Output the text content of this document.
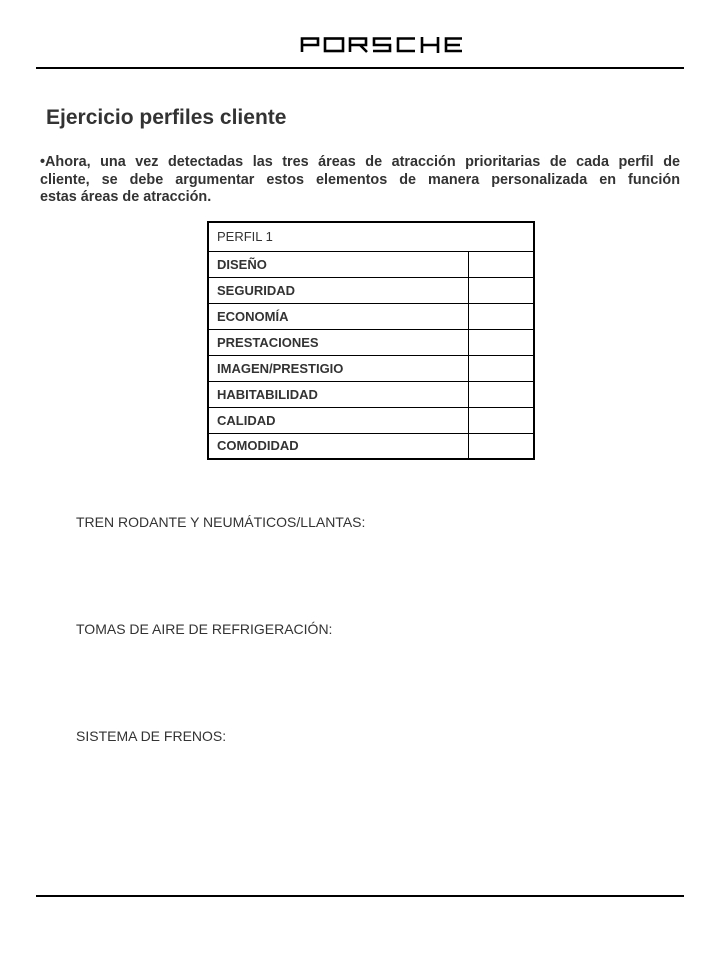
Ejercicio perfiles cliente
•Ahora, una vez detectadas las tres áreas de atracción prioritarias de cada perfil de
cliente, se debe argumentar estos elementos de manera personalizada en función
estas áreas de atracción.
PERFIL 1	
DISEÑO	
SEGURIDAD	
ECONOMÍA	
PRESTACIONES	
IMAGEN/PRESTIGIO	
HABITABILIDAD	
CALIDAD	
COMODIDAD	
TREN RODANTE Y NEUMÁTICOS/LLANTAS:
TOMAS DE AIRE DE REFRIGERACIÓN:
SISTEMA DE FRENOS:
